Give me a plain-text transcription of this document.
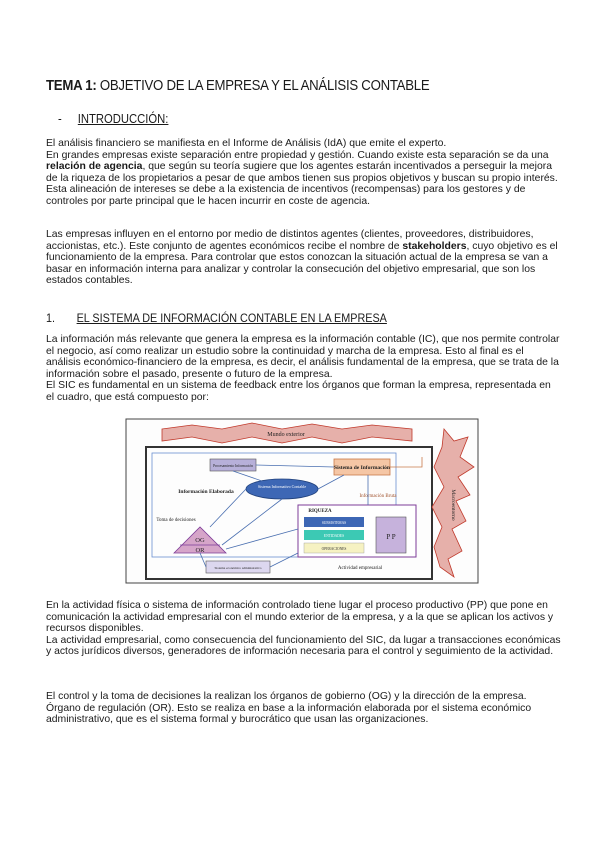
TEMA 1: OBJETIVO DE LA EMPRESA Y EL ANÁLISIS CONTABLE
- INTRODUCCIÓN:
El análisis financiero se manifiesta en el Informe de Análisis (IdA) que emite el experto.
En grandes empresas existe separación entre propiedad y gestión. Cuando existe esta separación se da una relación de agencia, que según su teoría sugiere que los agentes estarán incentivados a perseguir la mejora de la riqueza de los propietarios a pesar de que ambos tienen sus propios objetivos y buscan su propio interés.
Esta alineación de intereses se debe a la existencia de incentivos (recompensas) para los gestores y de controles por parte principal que le hacen incurrir en coste de agencia.
Las empresas influyen en el entorno por medio de distintos agentes (clientes, proveedores, distribuidores, accionistas, etc.). Este conjunto de agentes económicos recibe el nombre de stakeholders, cuyo objetivo es el funcionamiento de la empresa. Para controlar que estos conozcan la situación actual de la empresa se van a basar en información interna para analizar y controlar la consecución del objetivo empresarial, que son los estados contables.
1. EL SISTEMA DE INFORMACIÓN CONTABLE EN LA EMPRESA
La información más relevante que genera la empresa es la información contable (IC), que nos permite controlar el negocio, así como realizar un estudio sobre la continuidad y marcha de la empresa. Esto al final es el análisis económico-financiero de la empresa, es decir, el análisis fundamental de la empresa, que se trata de la información sobre el pasado, presente o futuro de la empresa.
El SIC es fundamental en un sistema de feedback entre los órganos que forman la empresa, representada en el cuadro, que está compuesto por:
Mundo exterior
Macroentorno
Procesamiento Información
Sistema Informativo Contable
Sistema de Información
Información Elaborada
Información Bruta
Toma de decisiones
OG
OR
RIQUEZA
SUBSISTEMAS
ENTIDADES
OPERACIONES
P P
Sistema económico administrativo	Actividad empresarial
En la actividad física o sistema de información controlado tiene lugar el proceso productivo (PP) que pone en comunicación la actividad empresarial con el mundo exterior de la empresa, y a la que se aplican los activos y recursos disponibles.
La actividad empresarial, como consecuencia del funcionamiento del SIC, da lugar a transacciones económicas y actos jurídicos diversos, generadores de información necesaria para el control y seguimiento de la actividad.
El control y la toma de decisiones la realizan los órganos de gobierno (OG) y la dirección de la empresa. Órgano de regulación (OR). Esto se realiza en base a la información elaborada por el sistema económico administrativo, que es el sistema formal y burocrático que usan las organizaciones.
